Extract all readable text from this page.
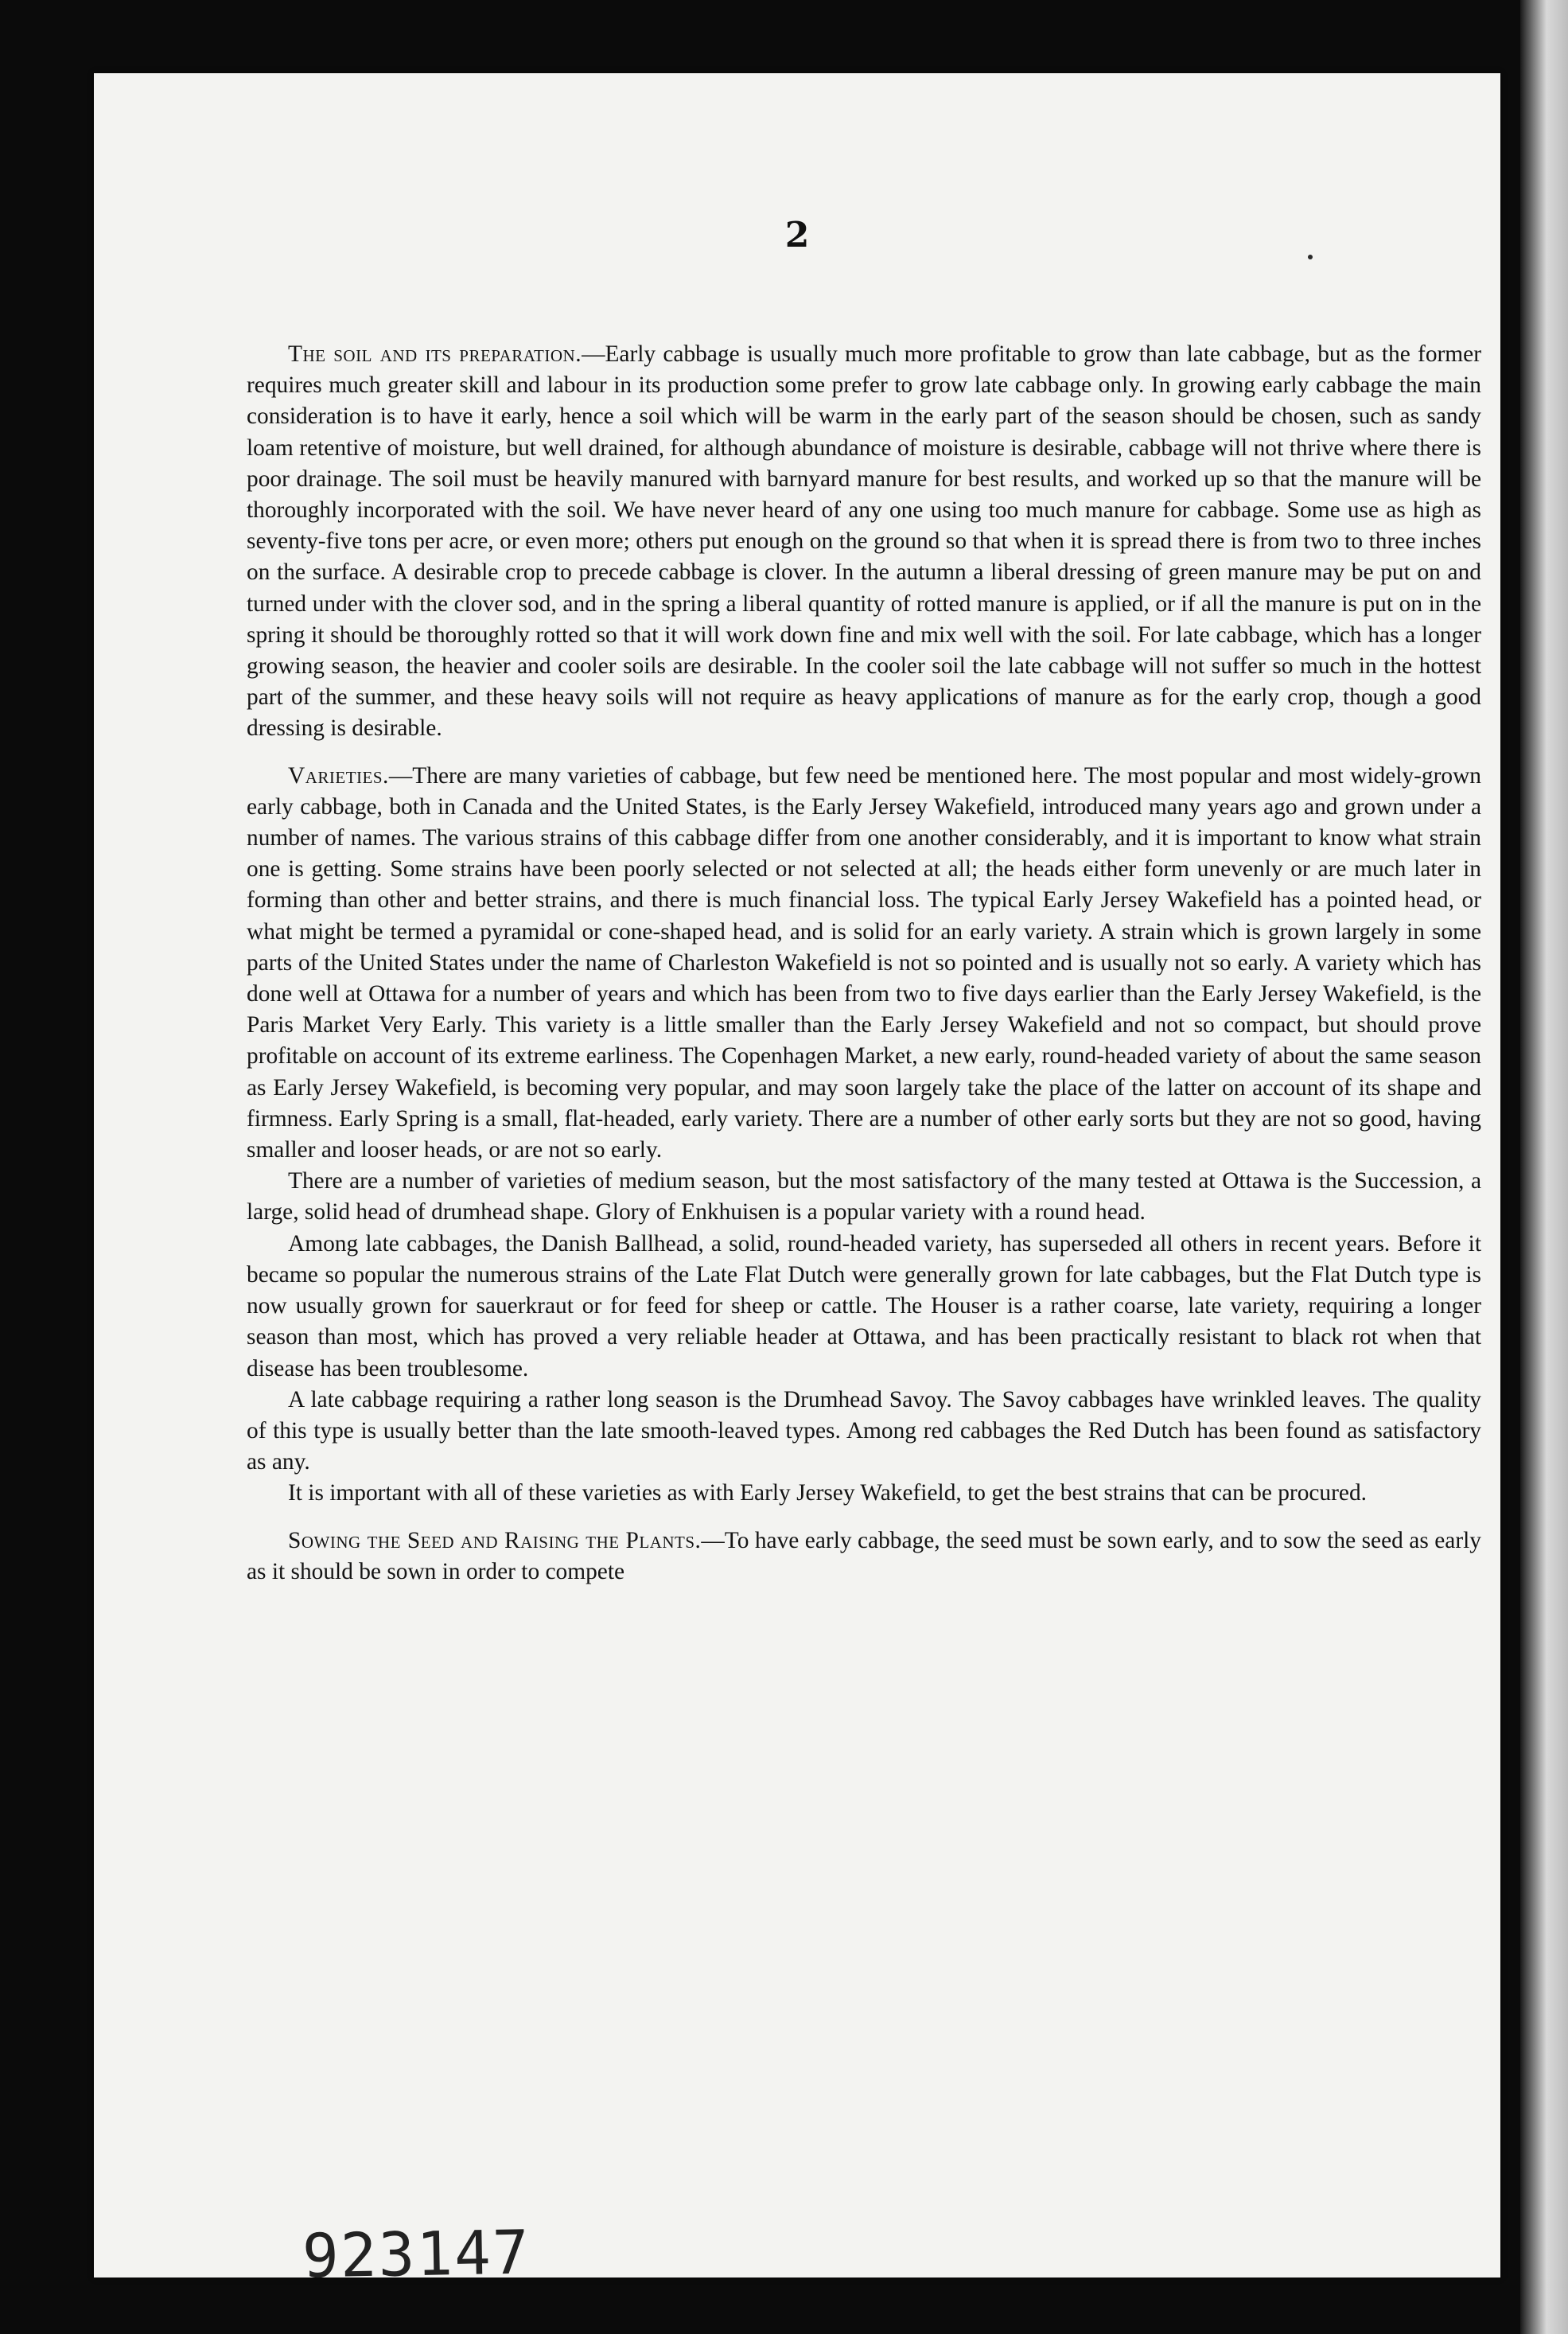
2

The soil and its preparation.—Early cabbage is usually much more profitable to grow than late cabbage, but as the former requires much greater skill and labour in its production some prefer to grow late cabbage only. In growing early cabbage the main consideration is to have it early, hence a soil which will be warm in the early part of the season should be chosen, such as sandy loam retentive of moisture, but well drained, for although abundance of moisture is desirable, cabbage will not thrive where there is poor drainage. The soil must be heavily manured with barnyard manure for best results, and worked up so that the manure will be thoroughly incorporated with the soil. We have never heard of any one using too much manure for cabbage. Some use as high as seventy-five tons per acre, or even more; others put enough on the ground so that when it is spread there is from two to three inches on the surface. A desirable crop to precede cabbage is clover. In the autumn a liberal dressing of green manure may be put on and turned under with the clover sod, and in the spring a liberal quantity of rotted manure is applied, or if all the manure is put on in the spring it should be thoroughly rotted so that it will work down fine and mix well with the soil. For late cabbage, which has a longer growing season, the heavier and cooler soils are desirable. In the cooler soil the late cabbage will not suffer so much in the hottest part of the summer, and these heavy soils will not require as heavy applications of manure as for the early crop, though a good dressing is desirable.

Varieties.—There are many varieties of cabbage, but few need be mentioned here. The most popular and most widely-grown early cabbage, both in Canada and the United States, is the Early Jersey Wakefield, introduced many years ago and grown under a number of names. The various strains of this cabbage differ from one another considerably, and it is important to know what strain one is getting. Some strains have been poorly selected or not selected at all; the heads either form unevenly or are much later in forming than other and better strains, and there is much financial loss. The typical Early Jersey Wakefield has a pointed head, or what might be termed a pyramidal or cone-shaped head, and is solid for an early variety. A strain which is grown largely in some parts of the United States under the name of Charleston Wakefield is not so pointed and is usually not so early. A variety which has done well at Ottawa for a number of years and which has been from two to five days earlier than the Early Jersey Wakefield, is the Paris Market Very Early. This variety is a little smaller than the Early Jersey Wakefield and not so compact, but should prove profitable on account of its extreme earliness. The Copenhagen Market, a new early, round-headed variety of about the same season as Early Jersey Wakefield, is becoming very popular, and may soon largely take the place of the latter on account of its shape and firmness. Early Spring is a small, flat-headed, early variety. There are a number of other early sorts but they are not so good, having smaller and looser heads, or are not so early.

There are a number of varieties of medium season, but the most satisfactory of the many tested at Ottawa is the Succession, a large, solid head of drumhead shape. Glory of Enkhuisen is a popular variety with a round head.

Among late cabbages, the Danish Ballhead, a solid, round-headed variety, has superseded all others in recent years. Before it became so popular the numerous strains of the Late Flat Dutch were generally grown for late cabbages, but the Flat Dutch type is now usually grown for sauerkraut or for feed for sheep or cattle. The Houser is a rather coarse, late variety, requiring a longer season than most, which has proved a very reliable header at Ottawa, and has been practically resistant to black rot when that disease has been troublesome.

A late cabbage requiring a rather long season is the Drumhead Savoy. The Savoy cabbages have wrinkled leaves. The quality of this type is usually better than the late smooth-leaved types. Among red cabbages the Red Dutch has been found as satisfactory as any.

It is important with all of these varieties as with Early Jersey Wakefield, to get the best strains that can be procured.

Sowing the Seed and Raising the Plants.—To have early cabbage, the seed must be sown early, and to sow the seed as early as it should be sown in order to compete

923147
